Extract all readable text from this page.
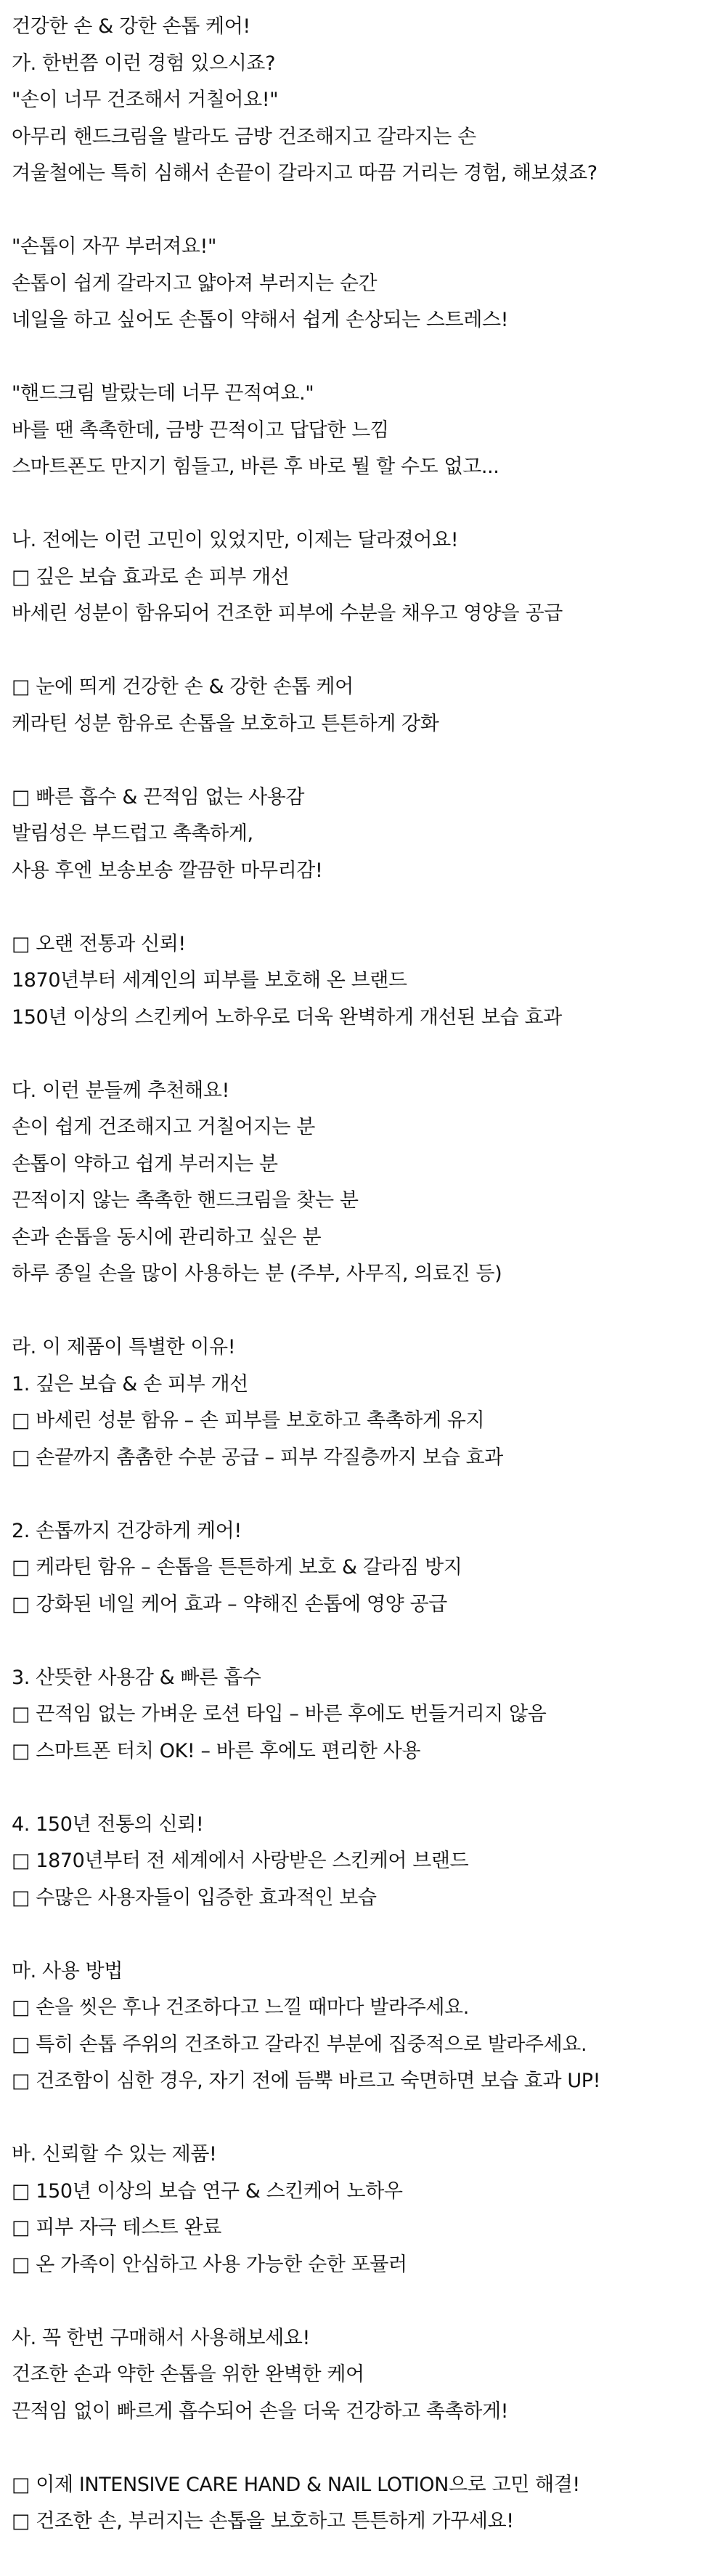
건강한 손 & 강한 손톱 케어!
가. 한번쯤 이런 경험 있으시죠?
"손이 너무 건조해서 거칠어요!"
아무리 핸드크림을 발라도 금방 건조해지고 갈라지는 손
겨울철에는 특히 심해서 손끝이 갈라지고 따끔 거리는 경험, 해보셨죠?
"손톱이 자꾸 부러져요!"
손톱이 쉽게 갈라지고 얇아져 부러지는 순간
네일을 하고 싶어도 손톱이 약해서 쉽게 손상되는 스트레스!
"핸드크림 발랐는데 너무 끈적여요."
바를 땐 촉촉한데, 금방 끈적이고 답답한 느낌
스마트폰도 만지기 힘들고, 바른 후 바로 뭘 할 수도 없고...
나. 전에는 이런 고민이 있었지만, 이제는 달라졌어요!
□ 깊은 보습 효과로 손 피부 개선
바세린 성분이 함유되어 건조한 피부에 수분을 채우고 영양을 공급
□ 눈에 띄게 건강한 손 & 강한 손톱 케어
케라틴 성분 함유로 손톱을 보호하고 튼튼하게 강화
□ 빠른 흡수 & 끈적임 없는 사용감
발림성은 부드럽고 촉촉하게,
사용 후엔 보송보송 깔끔한 마무리감!
□ 오랜 전통과 신뢰!
1870년부터 세계인의 피부를 보호해 온 브랜드
150년 이상의 스킨케어 노하우로 더욱 완벽하게 개선된 보습 효과
다. 이런 분들께 추천해요!
손이 쉽게 건조해지고 거칠어지는 분
손톱이 약하고 쉽게 부러지는 분
끈적이지 않는 촉촉한 핸드크림을 찾는 분
손과 손톱을 동시에 관리하고 싶은 분
하루 종일 손을 많이 사용하는 분 (주부, 사무직, 의료진 등)
라. 이 제품이 특별한 이유!
1. 깊은 보습 & 손 피부 개선
□ 바세린 성분 함유 – 손 피부를 보호하고 촉촉하게 유지
□ 손끝까지 촘촘한 수분 공급 – 피부 각질층까지 보습 효과
2. 손톱까지 건강하게 케어!
□ 케라틴 함유 – 손톱을 튼튼하게 보호 & 갈라짐 방지
□ 강화된 네일 케어 효과 – 약해진 손톱에 영양 공급
3. 산뜻한 사용감 & 빠른 흡수
□ 끈적임 없는 가벼운 로션 타입 – 바른 후에도 번들거리지 않음
□ 스마트폰 터치 OK! – 바른 후에도 편리한 사용
4. 150년 전통의 신뢰!
□ 1870년부터 전 세계에서 사랑받은 스킨케어 브랜드
□ 수많은 사용자들이 입증한 효과적인 보습
마. 사용 방법
□ 손을 씻은 후나 건조하다고 느낄 때마다 발라주세요.
□ 특히 손톱 주위의 건조하고 갈라진 부분에 집중적으로 발라주세요.
□ 건조함이 심한 경우, 자기 전에 듬뿍 바르고 숙면하면 보습 효과 UP!
바. 신뢰할 수 있는 제품!
□ 150년 이상의 보습 연구 & 스킨케어 노하우
□ 피부 자극 테스트 완료
□ 온 가족이 안심하고 사용 가능한 순한 포뮬러
사. 꼭 한번 구매해서 사용해보세요!
건조한 손과 약한 손톱을 위한 완벽한 케어
끈적임 없이 빠르게 흡수되어 손을 더욱 건강하고 촉촉하게!
□ 이제 INTENSIVE CARE HAND & NAIL LOTION으로 고민 해결!
□ 건조한 손, 부러지는 손톱을 보호하고 튼튼하게 가꾸세요!
